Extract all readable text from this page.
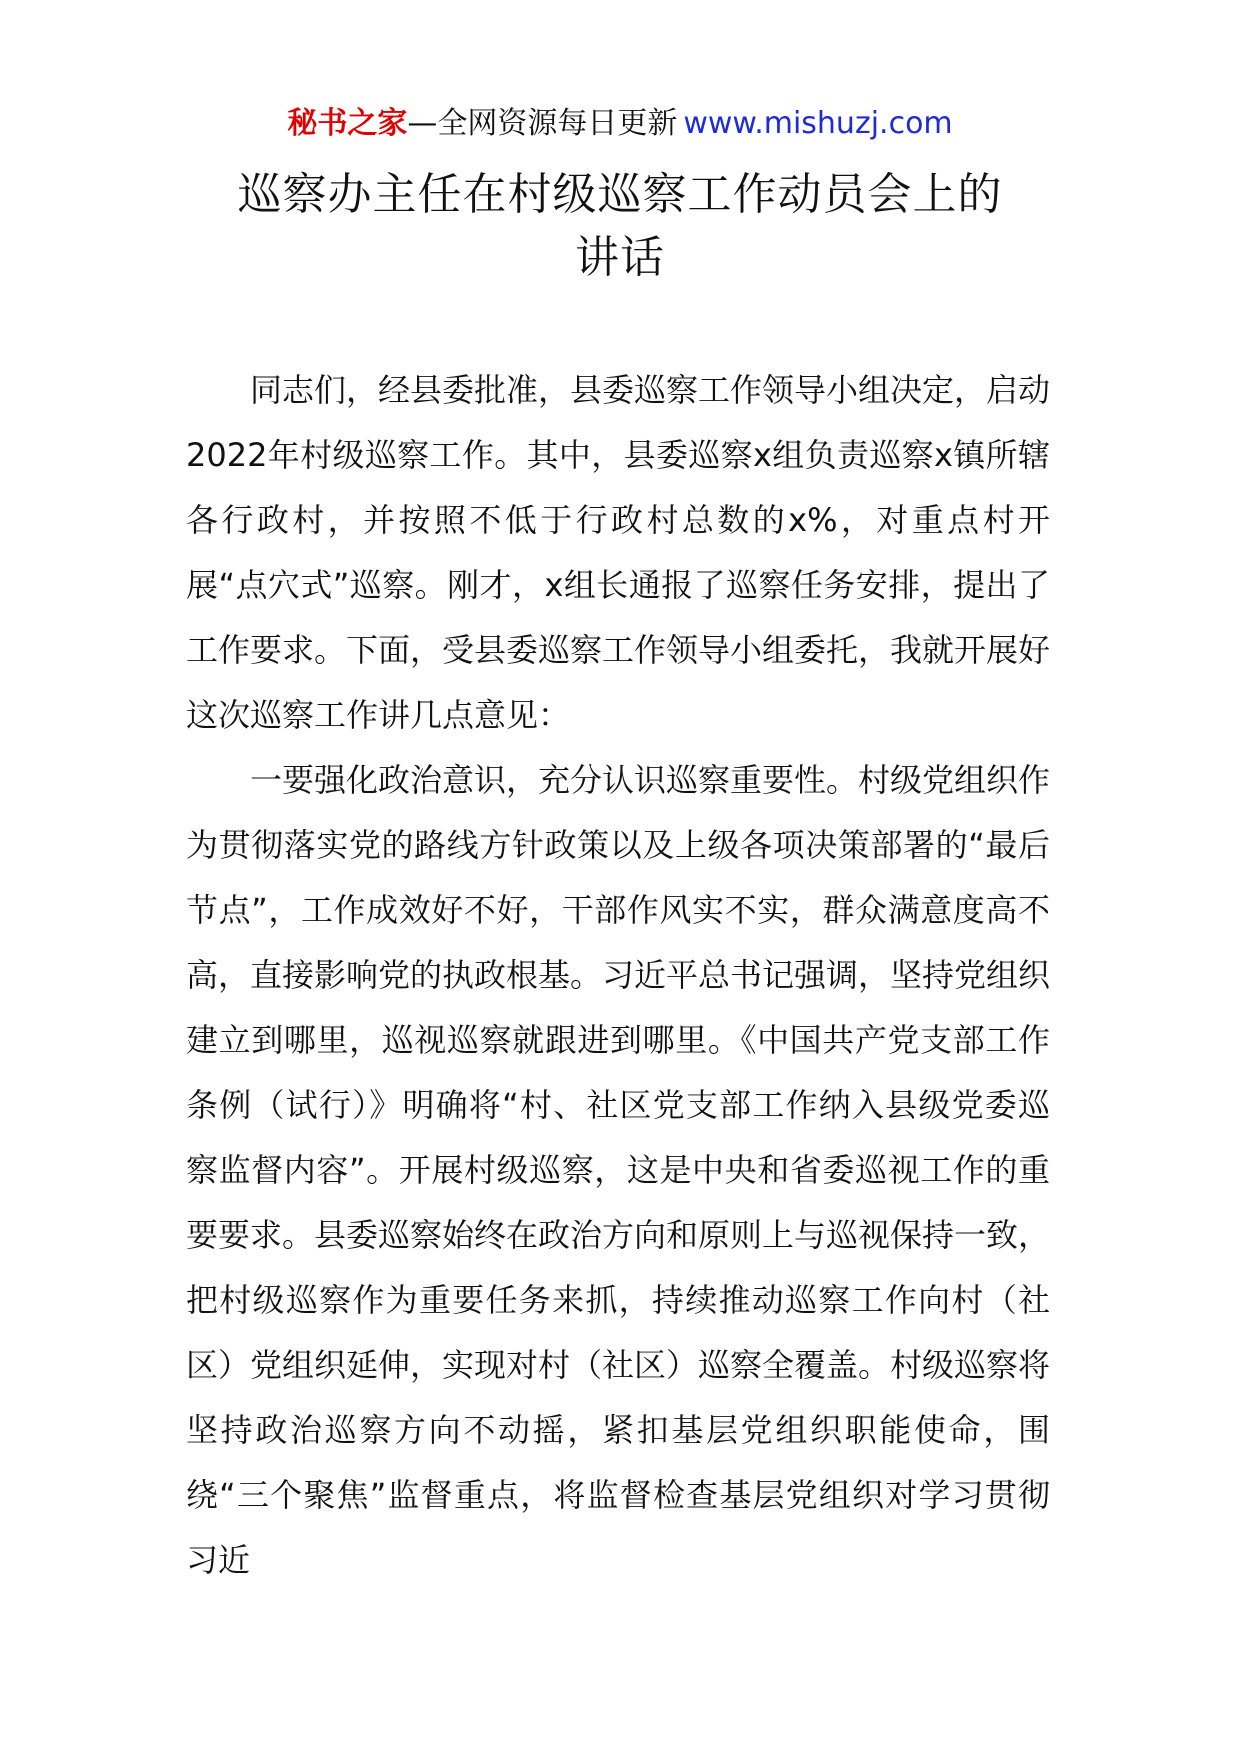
秘书之家—全网资源每日更新 www.mishuzj.com
巡察办主任在村级巡察工作动员会上的
讲话

同志们，经县委批准，县委巡察工作领导小组决定，启动2022年村级巡察工作。其中，县委巡察x组负责巡察x镇所辖各行政村，并按照不低于行政村总数的x%，对重点村开展“点穴式”巡察。刚才，x组长通报了巡察任务安排，提出了工作要求。下面，受县委巡察工作领导小组委托，我就开展好这次巡察工作讲几点意见：

一要强化政治意识，充分认识巡察重要性。村级党组织作为贯彻落实党的路线方针政策以及上级各项决策部署的“最后节点”，工作成效好不好，干部作风实不实，群众满意度高不高，直接影响党的执政根基。习近平总书记强调，坚持党组织建立到哪里，巡视巡察就跟进到哪里。《中国共产党支部工作条例（试行）》明确将“村、社区党支部工作纳入县级党委巡察监督内容”。开展村级巡察，这是中央和省委巡视工作的重要要求。县委巡察始终在政治方向和原则上与巡视保持一致，把村级巡察作为重要任务来抓，持续推动巡察工作向村（社区）党组织延伸，实现对村（社区）巡察全覆盖。村级巡察将坚持政治巡察方向不动摇，紧扣基层党组织职能使命，围绕“三个聚焦”监督重点，将监督检查基层党组织对学习贯彻习近
